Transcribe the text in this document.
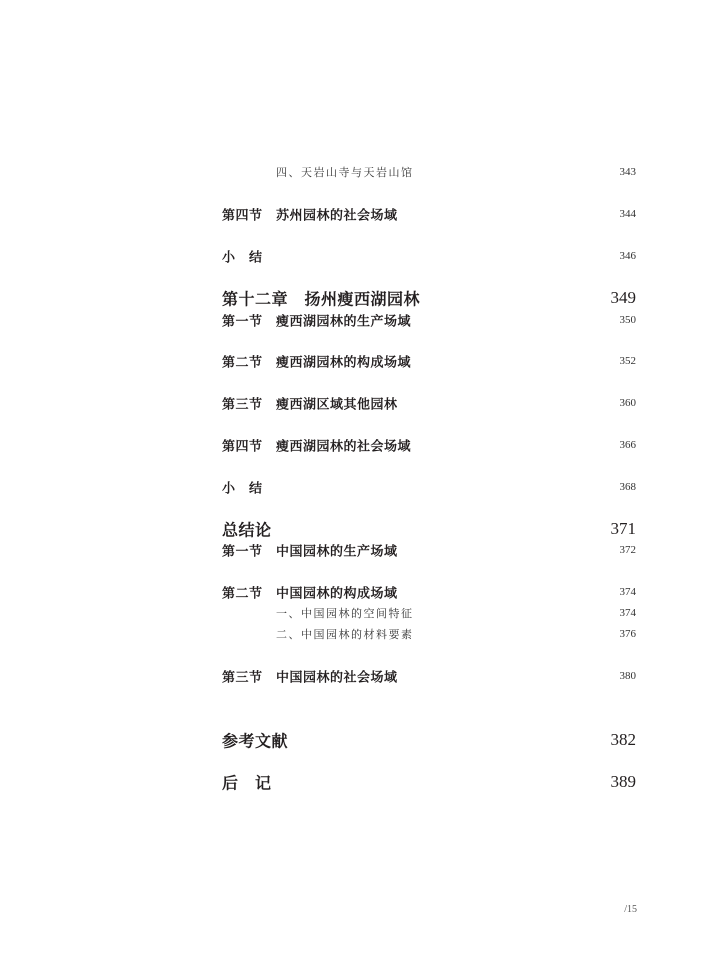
四、天岩山寺与天岩山馆	343
第四节　苏州园林的社会场域	344
小　结	346
第十二章　扬州瘦西湖园林	349
第一节　瘦西湖园林的生产场域	350
第二节　瘦西湖园林的构成场域	352
第三节　瘦西湖区域其他园林	360
第四节　瘦西湖园林的社会场域	366
小　结	368
总结论	371
第一节　中国园林的生产场域	372
第二节　中国园林的构成场域	374
一、中国园林的空间特征	374
二、中国园林的材料要素	376
第三节　中国园林的社会场域	380
参考文献	382
后　记	389
/15
